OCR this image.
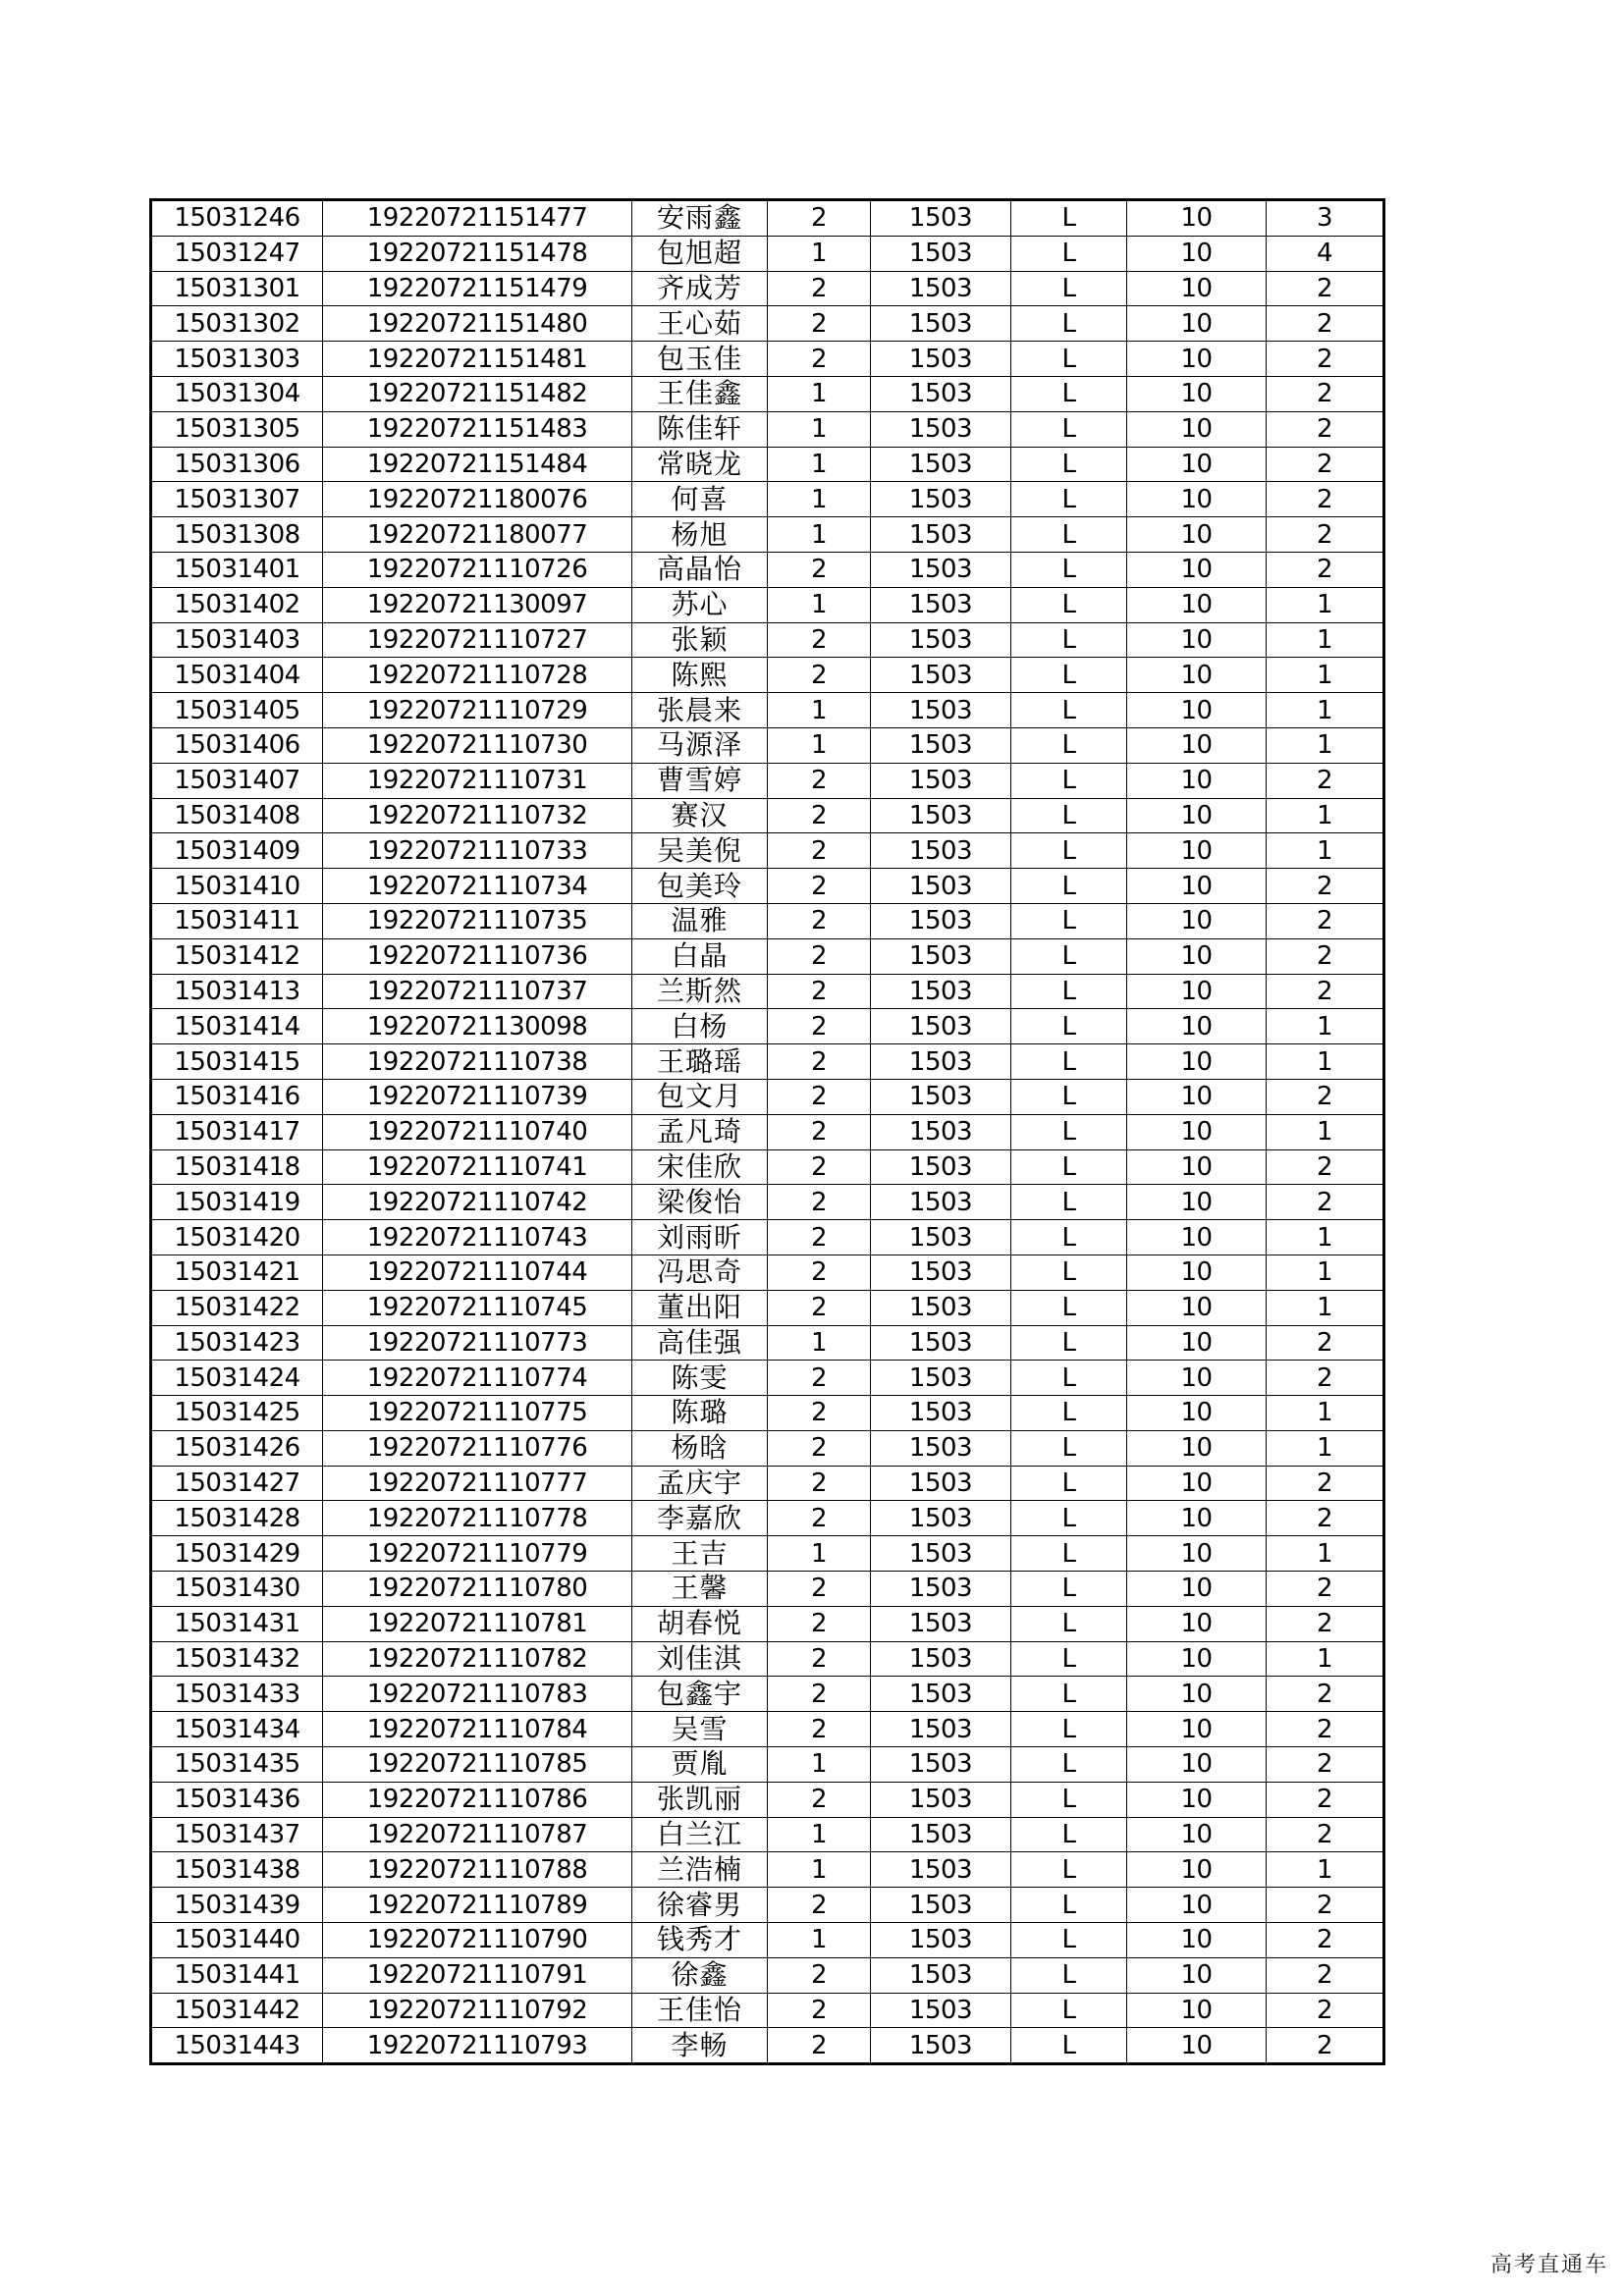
15031246	19220721151477	安雨鑫	2	1503	L	10	3
15031247	19220721151478	包旭超	1	1503	L	10	4
15031301	19220721151479	齐成芳	2	1503	L	10	2
15031302	19220721151480	王心茹	2	1503	L	10	2
15031303	19220721151481	包玉佳	2	1503	L	10	2
15031304	19220721151482	王佳鑫	1	1503	L	10	2
15031305	19220721151483	陈佳轩	1	1503	L	10	2
15031306	19220721151484	常晓龙	1	1503	L	10	2
15031307	19220721180076	何喜	1	1503	L	10	2
15031308	19220721180077	杨旭	1	1503	L	10	2
15031401	19220721110726	高晶怡	2	1503	L	10	2
15031402	19220721130097	苏心	1	1503	L	10	1
15031403	19220721110727	张颖	2	1503	L	10	1
15031404	19220721110728	陈熙	2	1503	L	10	1
15031405	19220721110729	张晨来	1	1503	L	10	1
15031406	19220721110730	马源泽	1	1503	L	10	1
15031407	19220721110731	曹雪婷	2	1503	L	10	2
15031408	19220721110732	赛汉	2	1503	L	10	1
15031409	19220721110733	吴美倪	2	1503	L	10	1
15031410	19220721110734	包美玲	2	1503	L	10	2
15031411	19220721110735	温雅	2	1503	L	10	2
15031412	19220721110736	白晶	2	1503	L	10	2
15031413	19220721110737	兰斯然	2	1503	L	10	2
15031414	19220721130098	白杨	2	1503	L	10	1
15031415	19220721110738	王璐瑶	2	1503	L	10	1
15031416	19220721110739	包文月	2	1503	L	10	2
15031417	19220721110740	孟凡琦	2	1503	L	10	1
15031418	19220721110741	宋佳欣	2	1503	L	10	2
15031419	19220721110742	梁俊怡	2	1503	L	10	2
15031420	19220721110743	刘雨昕	2	1503	L	10	1
15031421	19220721110744	冯思奇	2	1503	L	10	1
15031422	19220721110745	董出阳	2	1503	L	10	1
15031423	19220721110773	高佳强	1	1503	L	10	2
15031424	19220721110774	陈雯	2	1503	L	10	2
15031425	19220721110775	陈璐	2	1503	L	10	1
15031426	19220721110776	杨晗	2	1503	L	10	1
15031427	19220721110777	孟庆宇	2	1503	L	10	2
15031428	19220721110778	李嘉欣	2	1503	L	10	2
15031429	19220721110779	王吉	1	1503	L	10	1
15031430	19220721110780	王馨	2	1503	L	10	2
15031431	19220721110781	胡春悦	2	1503	L	10	2
15031432	19220721110782	刘佳淇	2	1503	L	10	1
15031433	19220721110783	包鑫宇	2	1503	L	10	2
15031434	19220721110784	吴雪	2	1503	L	10	2
15031435	19220721110785	贾胤	1	1503	L	10	2
15031436	19220721110786	张凯丽	2	1503	L	10	2
15031437	19220721110787	白兰江	1	1503	L	10	2
15031438	19220721110788	兰浩楠	1	1503	L	10	1
15031439	19220721110789	徐睿男	2	1503	L	10	2
15031440	19220721110790	钱秀才	1	1503	L	10	2
15031441	19220721110791	徐鑫	2	1503	L	10	2
15031442	19220721110792	王佳怡	2	1503	L	10	2
15031443	19220721110793	李畅	2	1503	L	10	2
高考直通车
